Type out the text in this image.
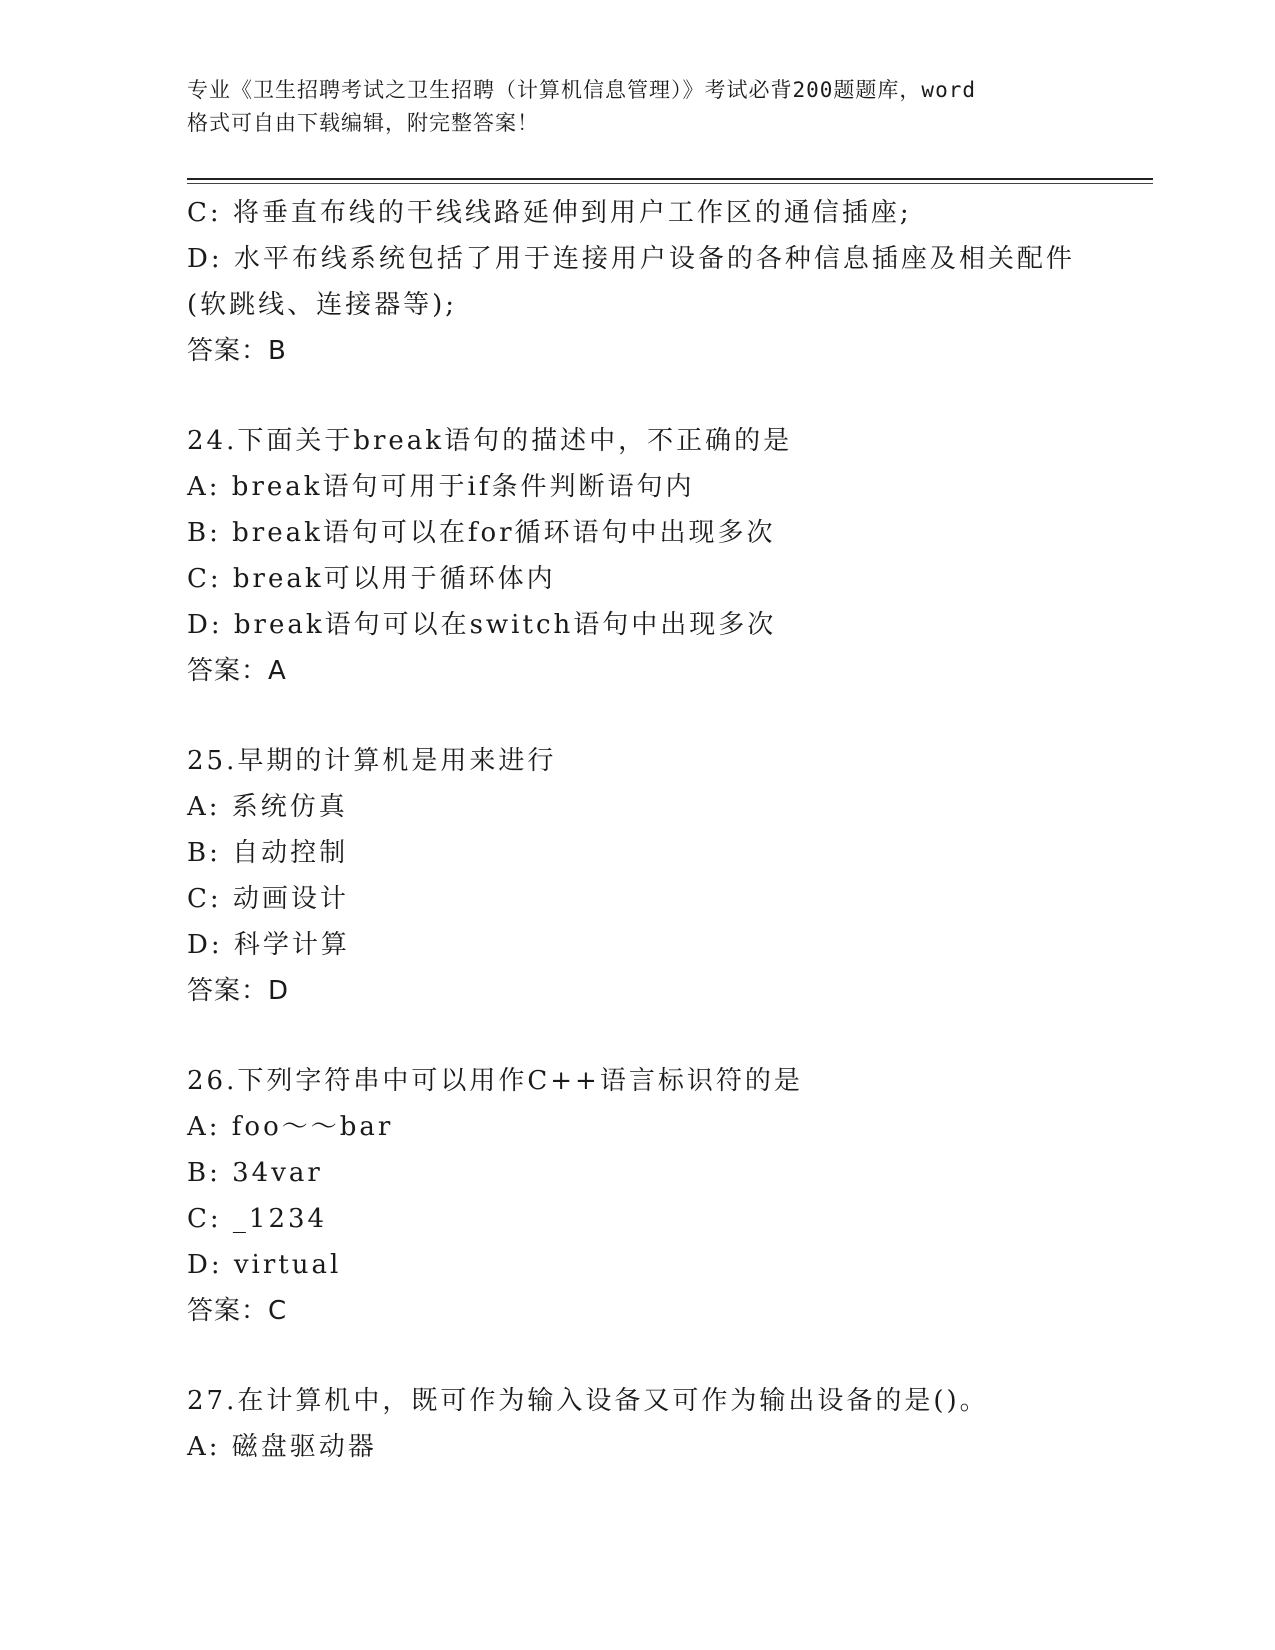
专业《卫生招聘考试之卫生招聘（计算机信息管理）》考试必背200题题库，word
格式可自由下载编辑，附完整答案！
C: 将垂直布线的干线线路延伸到用户工作区的通信插座;
D: 水平布线系统包括了用于连接用户设备的各种信息插座及相关配件
(软跳线、连接器等);
答案：B
24.下面关于break语句的描述中，不正确的是
A: break语句可用于if条件判断语句内
B: break语句可以在for循环语句中出现多次
C: break可以用于循环体内
D: break语句可以在switch语句中出现多次
答案：A
25.早期的计算机是用来进行
A: 系统仿真
B: 自动控制
C: 动画设计
D: 科学计算
答案：D
26.下列字符串中可以用作C++语言标识符的是
A: foo～～bar
B: 34var
C: _1234
D: virtual
答案：C
27.在计算机中，既可作为输入设备又可作为输出设备的是()。
A: 磁盘驱动器
